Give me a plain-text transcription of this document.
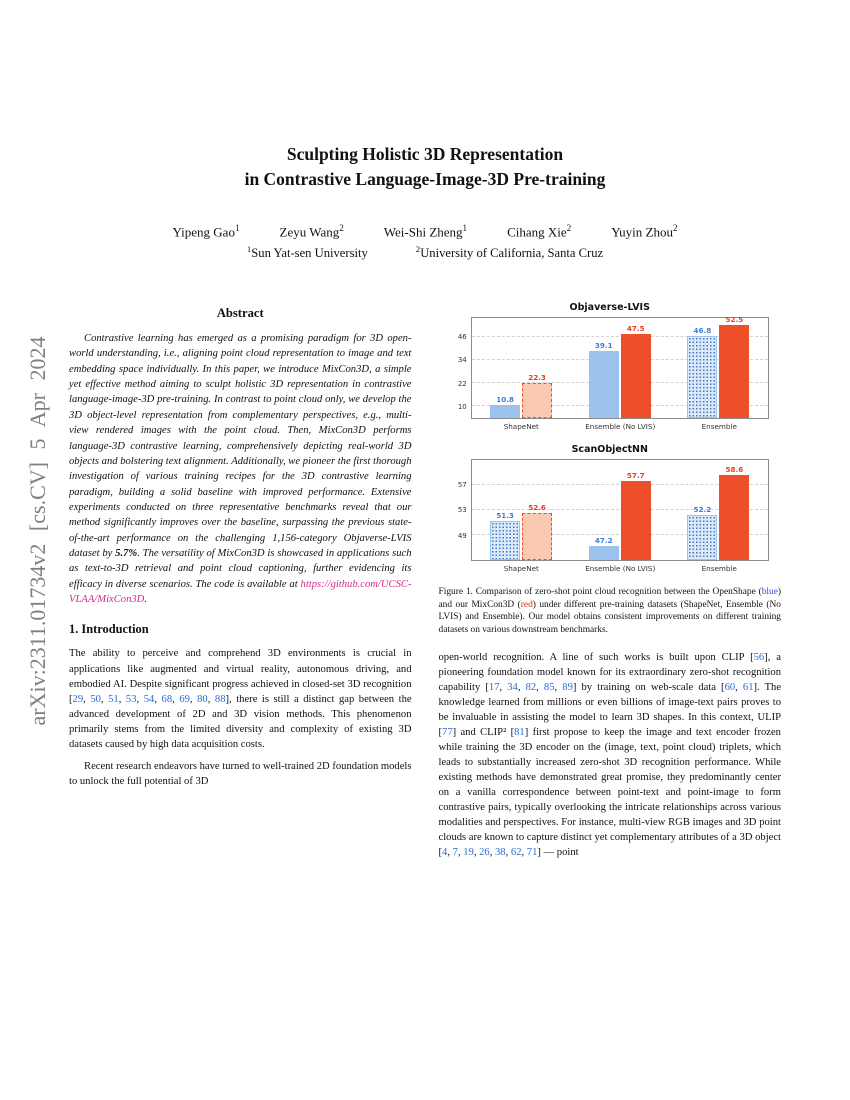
arXiv:2311.01734v2 [cs.CV] 5 Apr 2024
Sculpting Holistic 3D Representation
in Contrastive Language-Image-3D Pre-training
Yipeng Gao$^1$	Zeyu Wang$^2$	Wei-Shi Zheng$^1$	Cihang Xie$^2$	Yuyin Zhou$^2$
$^1$Sun Yat-sen University	$^2$University of California, Santa Cruz
Abstract

Contrastive learning has emerged as a promising paradigm for 3D open-world understanding, i.e., aligning point cloud representation to image and text embedding space individually. In this paper, we introduce MixCon3D, a simple yet effective method aiming to sculpt holistic 3D representation in contrastive language-image-3D pre-training. In contrast to point cloud only, we develop the 3D object-level representation from complementary perspectives, e.g., multi-view rendered images with the point cloud. Then, MixCon3D performs language-3D contrastive learning, comprehensively depicting real-world 3D objects and bolstering text alignment. Additionally, we pioneer the first thorough investigation of various training recipes for the 3D contrastive learning paradigm, building a solid baseline with improved performance. Extensive experiments conducted on three representative benchmarks reveal that our method significantly improves over the baseline, surpassing the previous state-of-the-art performance on the challenging 1,156-category Objaverse-LVIS dataset by 5.7%. The versatility of MixCon3D is showcased in applications such as text-to-3D retrieval and point cloud captioning, further evidencing its efficacy in diverse scenarios. The code is available at https://github.com/UCSC-VLAA/MixCon3D.

1. Introduction

The ability to perceive and comprehend 3D environments is crucial in applications like augmented and virtual reality, autonomous driving, and embodied AI. Despite significant progress achieved in closed-set 3D recognition [29, 50, 51, 53, 54, 68, 69, 80, 88], there is still a distinct gap between the advanced development of 2D and 3D vision methods. This phenomenon primarily stems from the limited diversity and complexity of existing 3D datasets caused by high data acquisition costs.

Recent research endeavors have turned to well-trained 2D foundation models to unlock the full potential of 3D

Objaverse-LVIS
10
22
34
46
10.8
22.3
39.1
47.5	46.8
52.5
ShapeNet	Ensemble (No LVIS)	Ensemble
ScanObjectNN
49
53
57
51.3
52.6
47.2
57.7
52.2
58.6
ShapeNet	Ensemble (No LVIS)	Ensemble
Figure 1. Comparison of zero-shot point cloud recognition between the OpenShape (blue) and our MixCon3D (red) under different pre-training datasets (ShapeNet, Ensemble (No LVIS) and Ensemble). Our model obtains consistent improvements on different training datasets on various downstream benchmarks.

open-world recognition. A line of such works is built upon CLIP [56], a pioneering foundation model known for its extraordinary zero-shot recognition capability [17, 34, 82, 85, 89] by training on web-scale data [60, 61]. The knowledge learned from millions or even billions of image-text pairs proves to be invaluable in assisting the model to learn 3D shapes. In this context, ULIP [77] and CLIP² [81] first propose to keep the image and text encoder frozen while training the 3D encoder on the (image, text, point cloud) triplets, which leads to substantially increased zero-shot 3D recognition performance. While existing methods have demonstrated great promise, they predominantly center on a vanilla correspondence between point-text and point-image to form contrastive pairs, typically overlooking the intricate relationships across various modalities and perspectives. For instance, multi-view RGB images and 3D point clouds are known to capture distinct yet complementary attributes of a 3D object [4, 7, 19, 26, 38, 62, 71] — point
